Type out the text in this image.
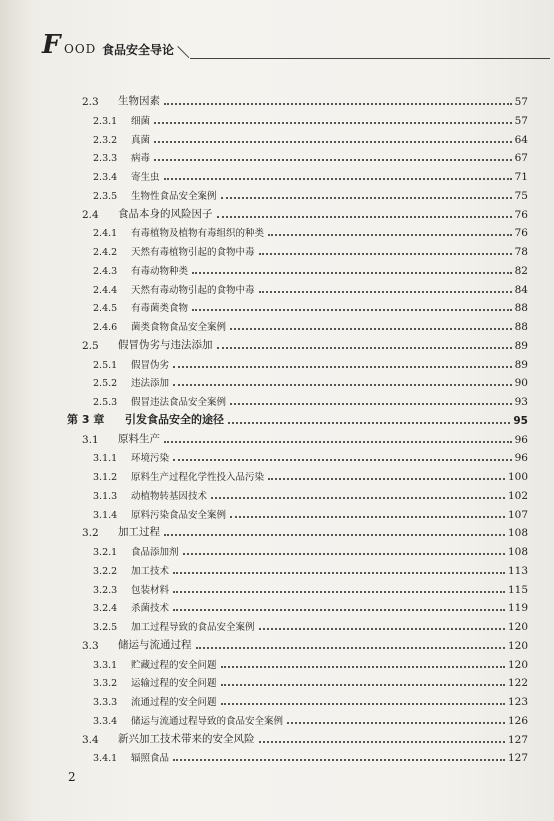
F OOD 食品安全导论
2.3	生物因素	57
2.3.1	细菌	57
2.3.2	真菌	64
2.3.3	病毒	67
2.3.4	寄生虫	71
2.3.5	生物性食品安全案例	75
2.4	食品本身的风险因子	76
2.4.1	有毒植物及植物有毒组织的种类	76
2.4.2	天然有毒植物引起的食物中毒	78
2.4.3	有毒动物种类	82
2.4.4	天然有毒动物引起的食物中毒	84
2.4.5	有毒菌类食物	88
2.4.6	菌类食物食品安全案例	88
2.5	假冒伪劣与违法添加	89
2.5.1	假冒伪劣	89
2.5.2	违法添加	90
2.5.3	假冒违法食品安全案例	93
第 3 章	引发食品安全的途径	95
3.1	原料生产	96
3.1.1	环境污染	96
3.1.2	原料生产过程化学性投入品污染	100
3.1.3	动植物转基因技术	102
3.1.4	原料污染食品安全案例	107
3.2	加工过程	108
3.2.1	食品添加剂	108
3.2.2	加工技术	113
3.2.3	包装材料	115
3.2.4	杀菌技术	119
3.2.5	加工过程导致的食品安全案例	120
3.3	储运与流通过程	120
3.3.1	贮藏过程的安全问题	120
3.3.2	运输过程的安全问题	122
3.3.3	流通过程的安全问题	123
3.3.4	储运与流通过程导致的食品安全案例	126
3.4	新兴加工技术带来的安全风险	127
3.4.1	辐照食品	127
2
